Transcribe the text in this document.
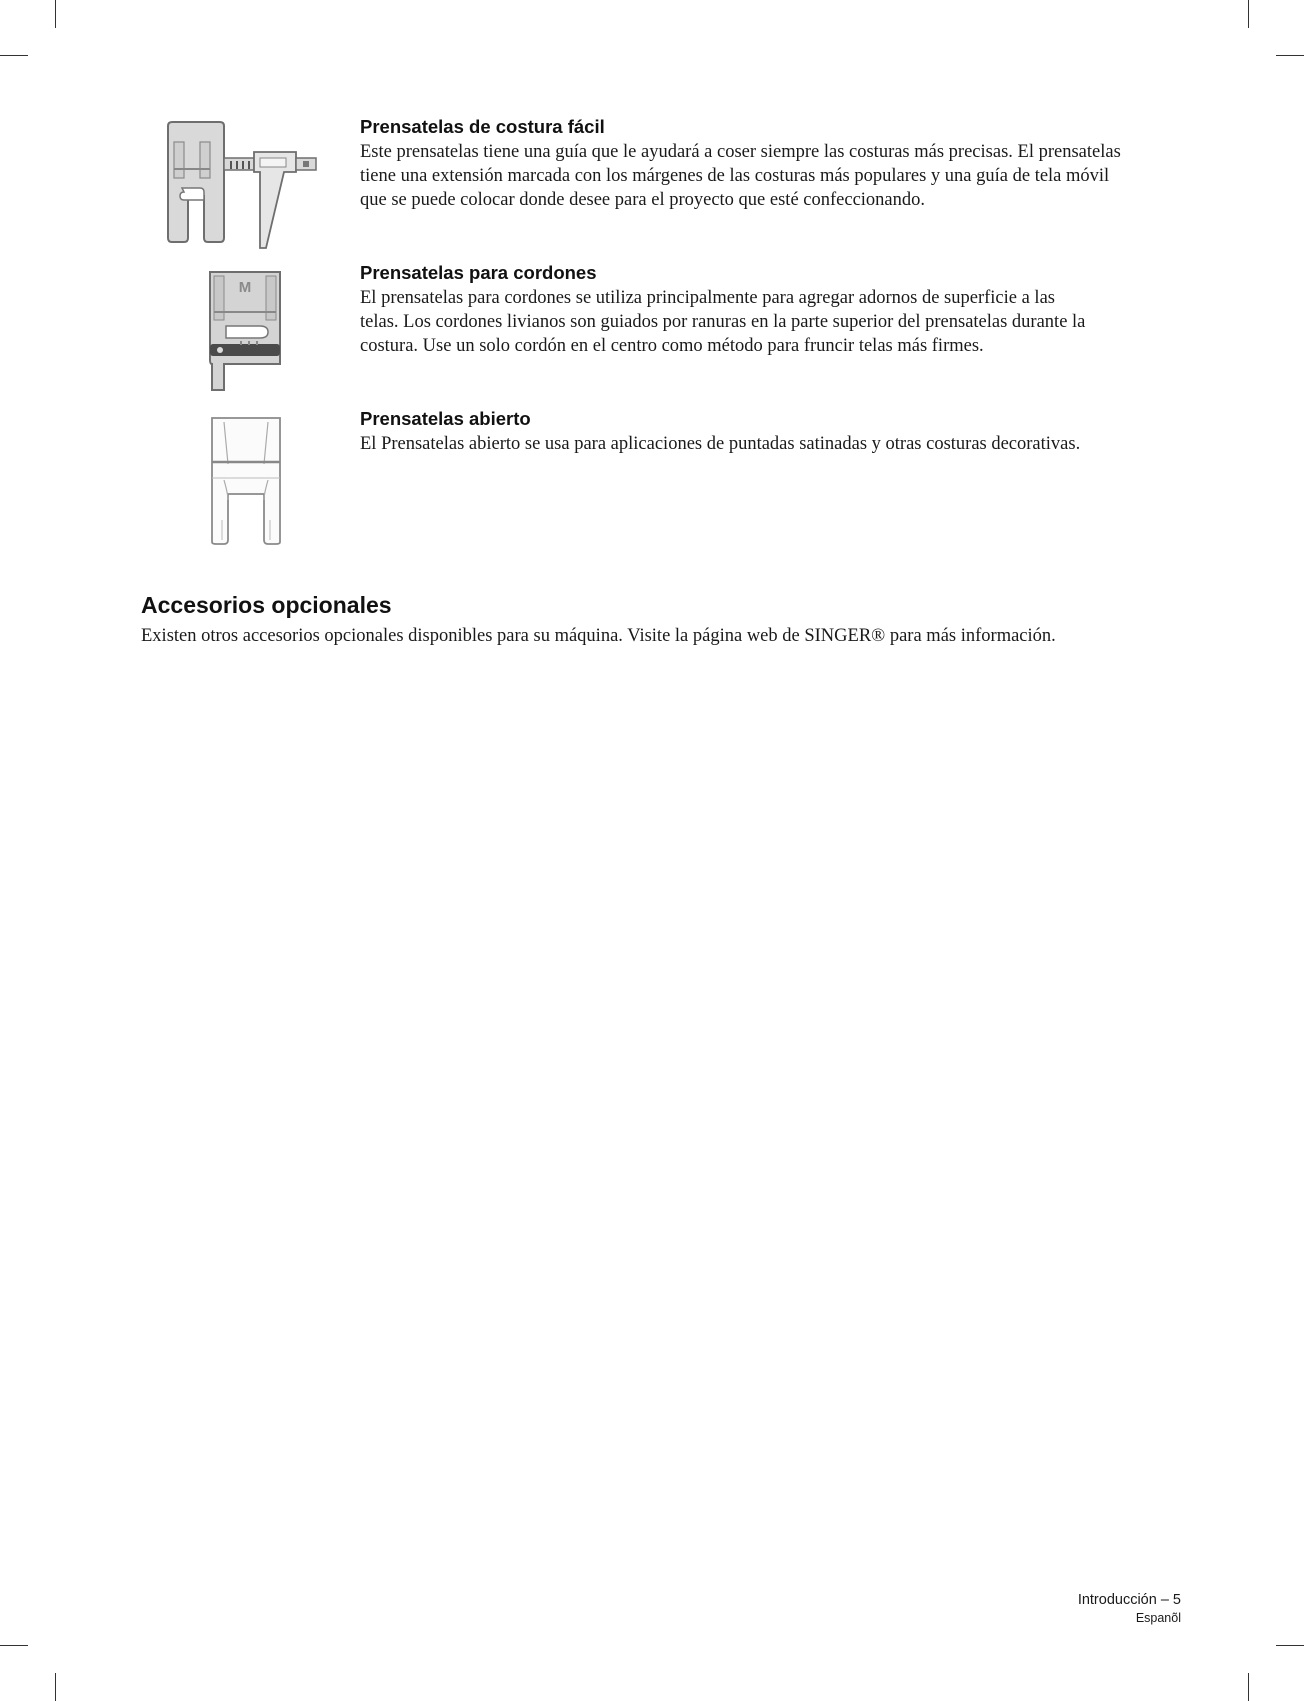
Prensatelas de costura fácil

Este prensatelas tiene una guía que le ayudará a coser siempre las costuras más precisas. El prensatelas
tiene una extensión marcada con los márgenes de las costuras más populares y una guía de tela móvil
que se puede colocar donde desee para el proyecto que esté confeccionando.

M
Prensatelas para cordones

El prensatelas para cordones se utiliza principalmente para agregar adornos de superficie a las
telas. Los cordones livianos son guiados por ranuras en la parte superior del prensatelas durante la
costura. Use un solo cordón en el centro como método para fruncir telas más firmes.

Prensatelas abierto

El Prensatelas abierto se usa para aplicaciones de puntadas satinadas y otras costuras decorativas.

Accesorios opcionales

Existen otros accesorios opcionales disponibles para su máquina. Visite la página web de SINGER® para más información.

Introducción – 5
Espanõl
